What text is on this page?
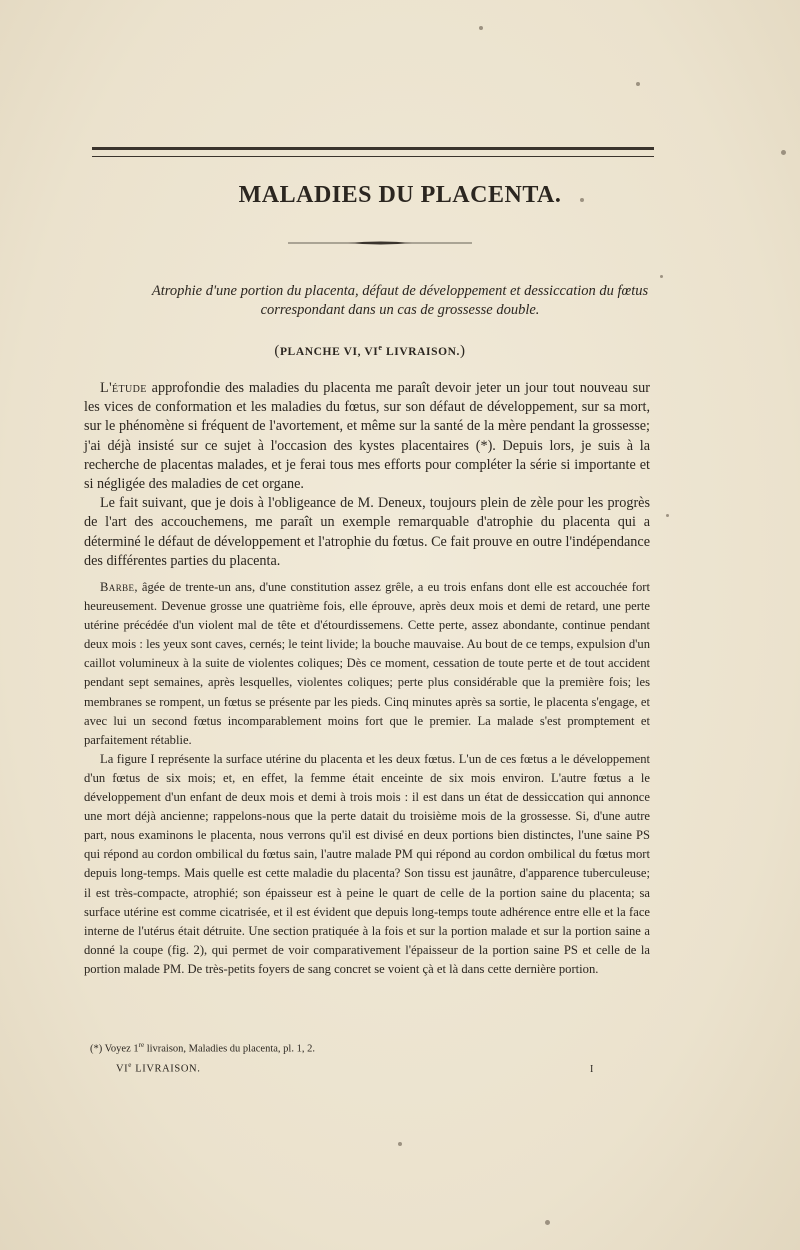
MALADIES DU PLACENTA.
Atrophie d'une portion du placenta, défaut de développement et dessiccation du fœtus
correspondant dans un cas de grossesse double.
(PLANCHE VI, VIe LIVRAISON.)

L'étude approfondie des maladies du placenta me paraît devoir jeter un jour tout nouveau sur les vices de conformation et les maladies du fœtus, sur son défaut de développement, sur sa mort, sur le phénomène si fréquent de l'avortement, et même sur la santé de la mère pendant la grossesse; j'ai déjà insisté sur ce sujet à l'occasion des kystes placentaires (*). Depuis lors, je suis à la recherche de placentas malades, et je ferai tous mes efforts pour compléter la série si importante et si négligée des maladies de cet organe.

Le fait suivant, que je dois à l'obligeance de M. Deneux, toujours plein de zèle pour les progrès de l'art des accouchemens, me paraît un exemple remarquable d'atrophie du placenta qui a déterminé le défaut de développement et l'atrophie du fœtus. Ce fait prouve en outre l'indépendance des différentes parties du placenta.

Barbe, âgée de trente-un ans, d'une constitution assez grêle, a eu trois enfans dont elle est accouchée fort heureusement. Devenue grosse une quatrième fois, elle éprouve, après deux mois et demi de retard, une perte utérine précédée d'un violent mal de tête et d'étourdissemens. Cette perte, assez abondante, continue pendant deux mois : les yeux sont caves, cernés; le teint livide; la bouche mauvaise. Au bout de ce temps, expulsion d'un caillot volumineux à la suite de violentes coliques; Dès ce moment, cessation de toute perte et de tout accident pendant sept semaines, après lesquelles, violentes coliques; perte plus considérable que la première fois; les membranes se rompent, un fœtus se présente par les pieds. Cinq minutes après sa sortie, le placenta s'engage, et avec lui un second fœtus incomparablement moins fort que le premier. La malade s'est promptement et parfaitement rétablie.

La figure I représente la surface utérine du placenta et les deux fœtus. L'un de ces fœtus a le développement d'un fœtus de six mois; et, en effet, la femme était enceinte de six mois environ. L'autre fœtus a le développement d'un enfant de deux mois et demi à trois mois : il est dans un état de dessiccation qui annonce une mort déjà ancienne; rappelons-nous que la perte datait du troisième mois de la grossesse. Si, d'une autre part, nous examinons le placenta, nous verrons qu'il est divisé en deux portions bien distinctes, l'une saine PS qui répond au cordon ombilical du fœtus sain, l'autre malade PM qui répond au cordon ombilical du fœtus mort depuis long-temps. Mais quelle est cette maladie du placenta? Son tissu est jaunâtre, d'apparence tuberculeuse; il est très-compacte, atrophié; son épaisseur est à peine le quart de celle de la portion saine du placenta; sa surface utérine est comme cicatrisée, et il est évident que depuis long-temps toute adhérence entre elle et la face interne de l'utérus était détruite. Une section pratiquée à la fois et sur la portion malade et sur la portion saine a donné la coupe (fig. 2), qui permet de voir comparativement l'épaisseur de la portion saine PS et celle de la portion malade PM. De très-petits foyers de sang concret se voient çà et là dans cette dernière portion.

(*) Voyez 1re livraison, Maladies du placenta, pl. 1, 2.
VIe LIVRAISON.	I
